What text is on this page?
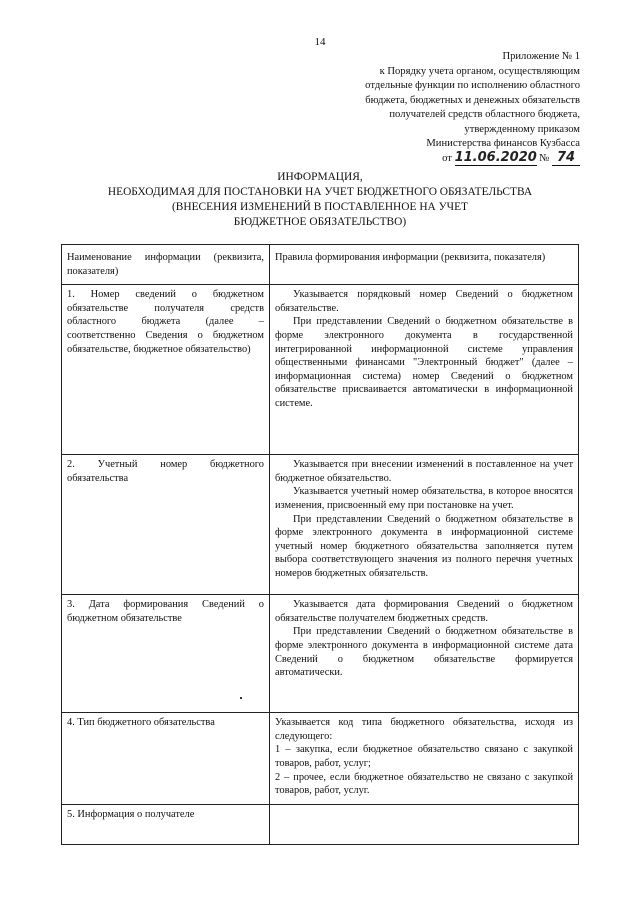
14
Приложение № 1
к Порядку учета органом, осуществляющим
отдельные функции по исполнению областного
бюджета, бюджетных и денежных обязательств
получателей средств областного бюджета,
утвержденному приказом
Министерства финансов Кузбасса
от 11.06.2020 № 74
ИНФОРМАЦИЯ,
НЕОБХОДИМАЯ ДЛЯ ПОСТАНОВКИ НА УЧЕТ БЮДЖЕТНОГО ОБЯЗАТЕЛЬСТВА
(ВНЕСЕНИЯ ИЗМЕНЕНИЙ В ПОСТАВЛЕННОЕ НА УЧЕТ
БЮДЖЕТНОЕ ОБЯЗАТЕЛЬСТВО)
Наименование информации (реквизита, показателя)	Правила формирования информации (реквизита, показателя)
1. Номер сведений о бюджетном обязательстве получателя средств областного бюджета (далее – соответственно Сведения о бюджетном обязательстве, бюджетное обязательство)	Указывается порядковый номер Сведений о бюджетном обязательстве.

При представлении Сведений о бюджетном обязательстве в форме электронного документа в государственной интегрированной информационной системе управления общественными финансами "Электронный бюджет" (далее – информационная система) номер Сведений о бюджетном обязательстве присваивается автоматически в информационной системе.

2. Учетный номер бюджетного обязательства	Указывается при внесении изменений в поставленное на учет бюджетное обязательство.

Указывается учетный номер обязательства, в которое вносятся изменения, присвоенный ему при постановке на учет.

При представлении Сведений о бюджетном обязательстве в форме электронного документа в информационной системе учетный номер бюджетного обязательства заполняется путем выбора соответствующего значения из полного перечня учетных номеров бюджетных обязательств.

3. Дата формирования Сведений о бюджетном обязательстве	Указывается дата формирования Сведений о бюджетном обязательстве получателем бюджетных средств.

При представлении Сведений о бюджетном обязательстве в форме электронного документа в информационной системе дата Сведений о бюджетном обязательстве формируется автоматически.

4. Тип бюджетного обязательства	Указывается код типа бюджетного обязательства, исходя из следующего:

1 – закупка, если бюджетное обязательство связано с закупкой товаров, работ, услуг;

2 – прочее, если бюджетное обязательство не связано с закупкой товаров, работ, услуг.

5. Информация о получателе	
